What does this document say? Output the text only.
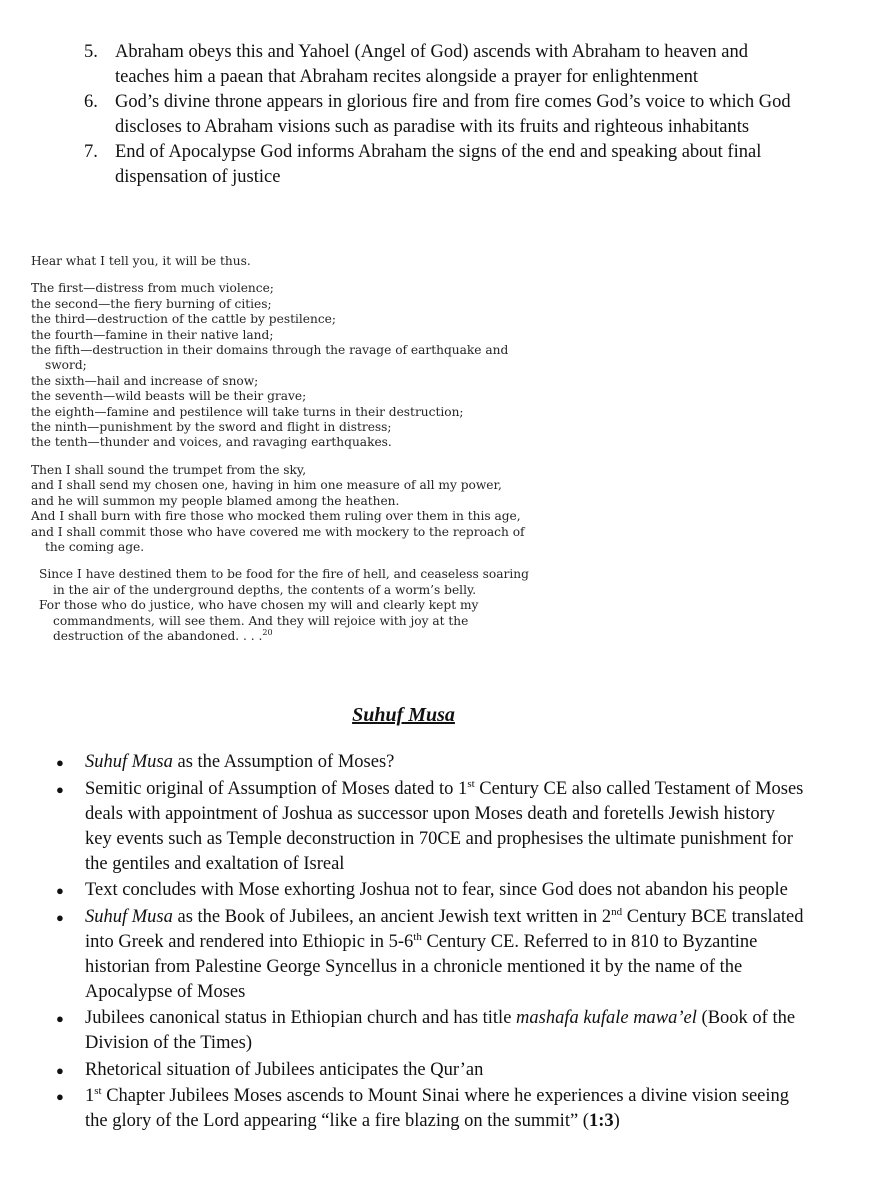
5. Abraham obeys this and Yahoel (Angel of God) ascends with Abraham to heaven and teaches him a paean that Abraham recites alongside a prayer for enlightenment
6. God’s divine throne appears in glorious fire and from fire comes God’s voice to which God discloses to Abraham visions such as paradise with its fruits and righteous inhabitants
7. End of Apocalypse God informs Abraham the signs of the end and speaking about final dispensation of justice

Hear what I tell you, it will be thus.

The first—distress from much violence;

the second—the fiery burning of cities;

the third—destruction of the cattle by pestilence;

the fourth—famine in their native land;

the fifth—destruction in their domains through the ravage of earthquake and sword;

the sixth—hail and increase of snow;

the seventh—wild beasts will be their grave;

the eighth—famine and pestilence will take turns in their destruction;

the ninth—punishment by the sword and flight in distress;

the tenth—thunder and voices, and ravaging earthquakes.

Then I shall sound the trumpet from the sky,

and I shall send my chosen one, having in him one measure of all my power,

and he will summon my people blamed among the heathen.

And I shall burn with fire those who mocked them ruling over them in this age,

and I shall commit those who have covered me with mockery to the reproach of the coming age.

Since I have destined them to be food for the fire of hell, and ceaseless soaring in the air of the underground depths, the contents of a worm’s belly.

For those who do justice, who have chosen my will and clearly kept my commandments, will see them. And they will rejoice with joy at the destruction of the abandoned. . . .$^{20}$

Suhuf Musa
●	Suhuf Musa as the Assumption of Moses?
●	Semitic original of Assumption of Moses dated to 1st Century CE also called Testament of Moses deals with appointment of Joshua as successor upon Moses death and foretells Jewish history key events such as Temple deconstruction in 70CE and prophesises the ultimate punishment for the gentiles and exaltation of Isreal
●	Text concludes with Mose exhorting Joshua not to fear, since God does not abandon his people
●	Suhuf Musa as the Book of Jubilees, an ancient Jewish text written in 2nd Century BCE translated into Greek and rendered into Ethiopic in 5-6th Century CE. Referred to in 810 to Byzantine historian from Palestine George Syncellus in a chronicle mentioned it by the name of the Apocalypse of Moses
●	Jubilees canonical status in Ethiopian church and has title mashafa kufale mawa’el (Book of the Division of the Times)
●	Rhetorical situation of Jubilees anticipates the Qur’an
●	1st Chapter Jubilees Moses ascends to Mount Sinai where he experiences a divine vision seeing the glory of the Lord appearing “like a fire blazing on the summit” (1:3)
